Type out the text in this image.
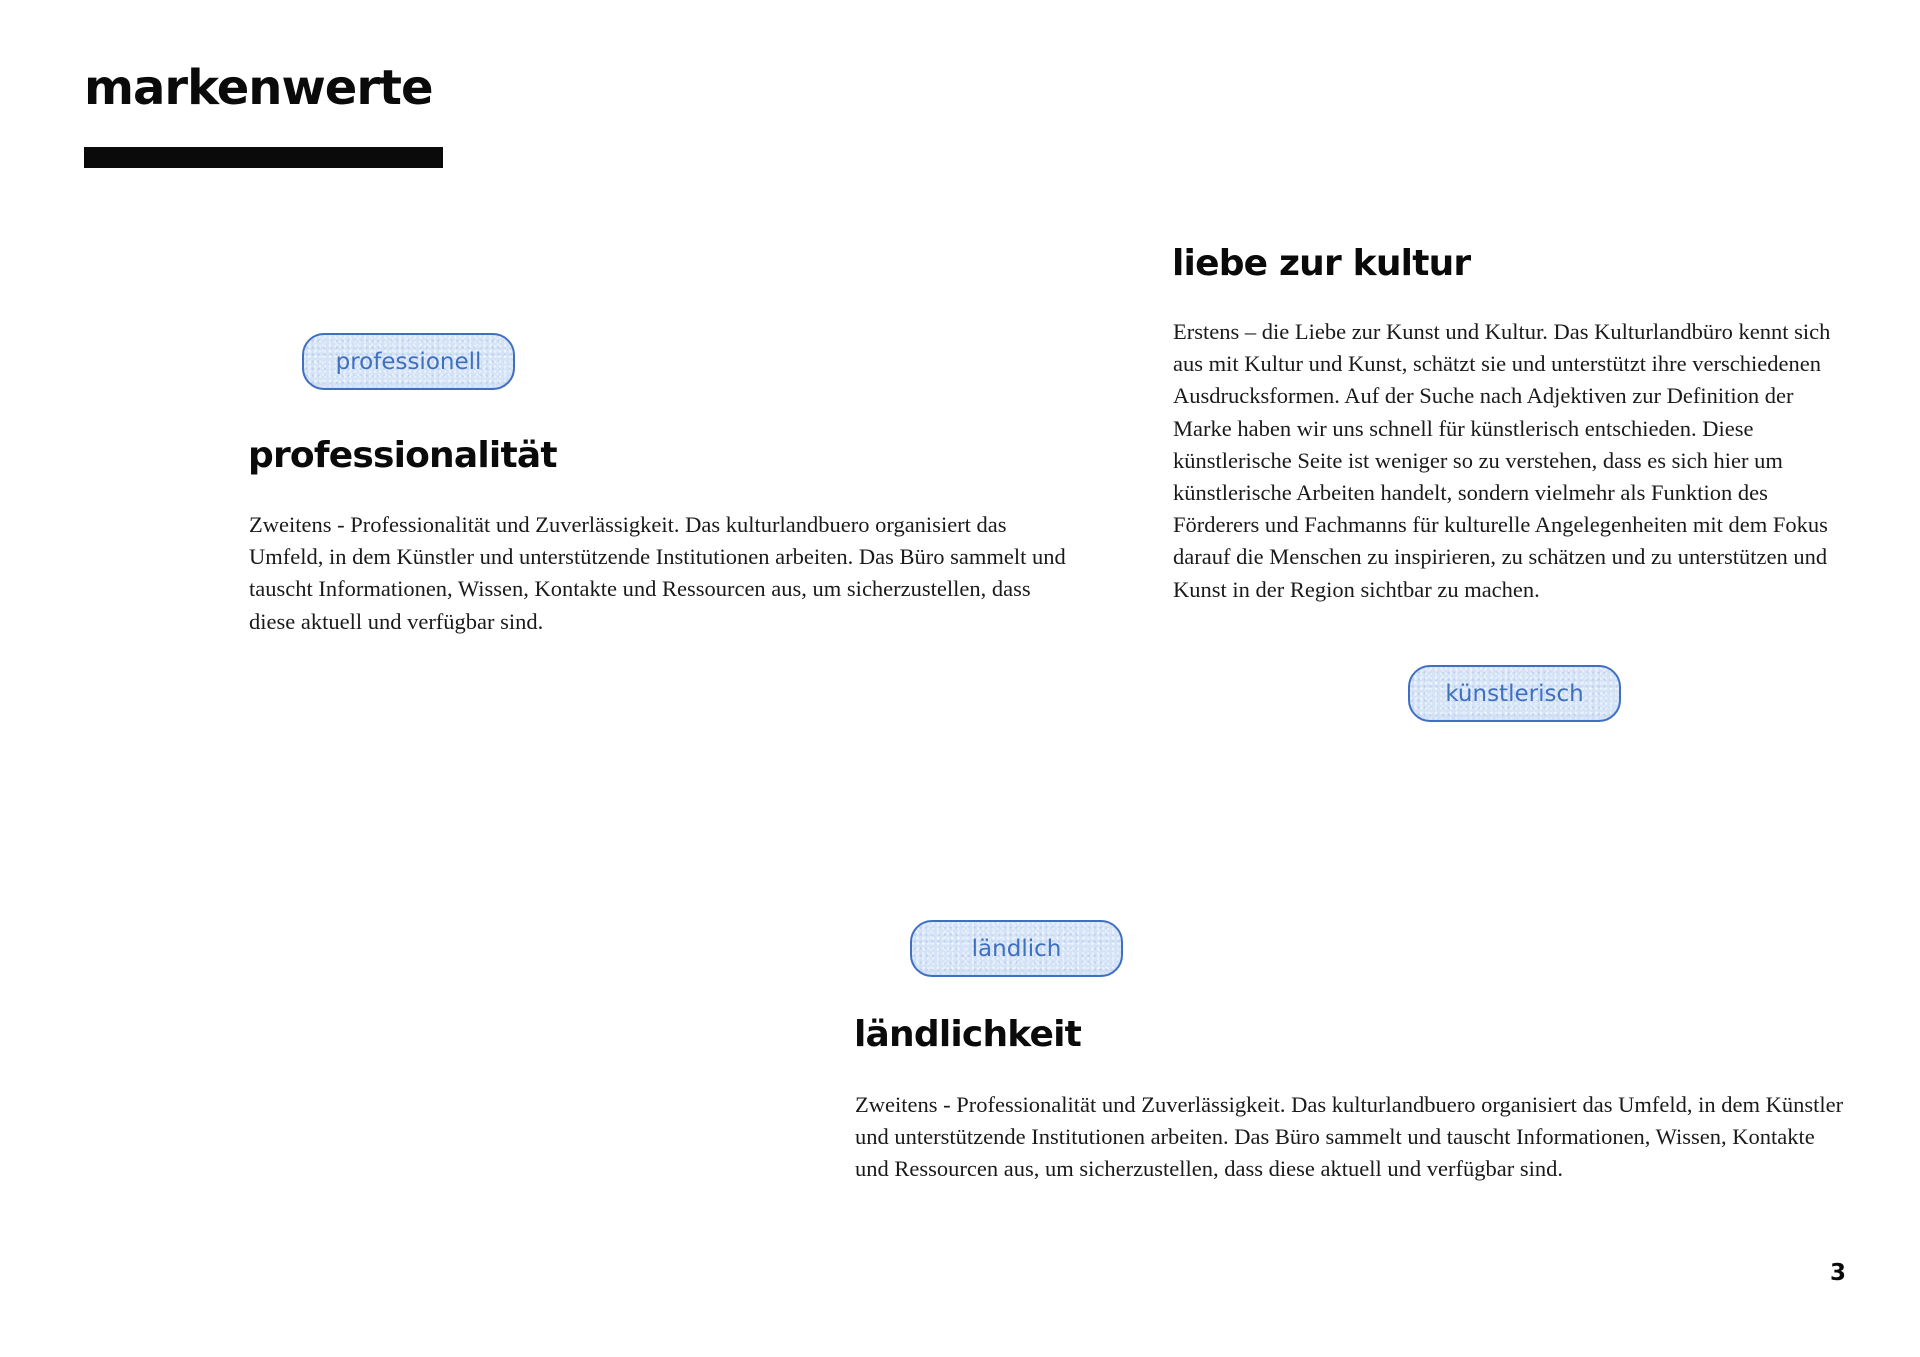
markenwerte
professionell
professionalität

Zweitens - Professionalität und Zuverlässigkeit. Das kulturlandbuero organisiert das Umfeld, in dem Künstler und unterstützende Institutionen arbeiten. Das Büro sammelt und tauscht Informationen, Wissen, Kontakte und Ressourcen aus, um sicherzustellen, dass diese aktuell und verfügbar sind.

liebe zur kultur

Erstens – die Liebe zur Kunst und Kultur. Das Kulturlandbüro kennt sich aus mit Kultur und Kunst, schätzt sie und unterstützt ihre verschiedenen Ausdrucksformen. Auf der Suche nach Adjektiven zur Definition der Marke haben wir uns schnell für künstlerisch entschieden. Diese künstlerische Seite ist weniger so zu verstehen, dass es sich hier um künstlerische Arbeiten handelt, sondern vielmehr als Funktion des Förderers und Fachmanns für kulturelle Angelegenheiten mit dem Fokus darauf die Menschen zu inspirieren, zu schätzen und zu unterstützen und Kunst in der Region sichtbar zu machen.

künstlerisch
ländlich
ländlichkeit

Zweitens - Professionalität und Zuverlässigkeit. Das kulturlandbuero organisiert das Umfeld, in dem Künstler und unterstützende Institutionen arbeiten. Das Büro sammelt und tauscht Informationen, Wissen, Kontakte und Ressourcen aus, um sicherzustellen, dass diese aktuell und verfügbar sind.

3
